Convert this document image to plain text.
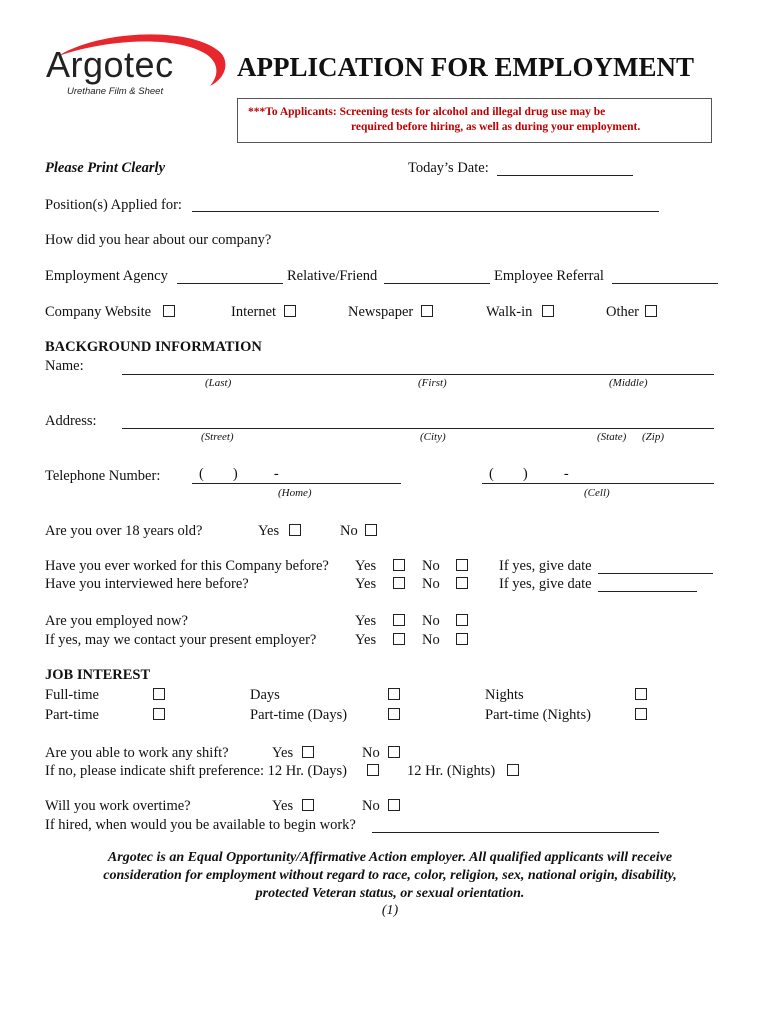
Argotec
Urethane Film & Sheet
APPLICATION FOR EMPLOYMENT
***To Applicants: Screening tests for alcohol and illegal drug use may be
required before hiring, as well as during your employment.
Please Print Clearly	Today’s Date:
Position(s) Applied for:
How did you hear about our company?
Employment Agency	Relative/Friend	Employee Referral
Company Website	Internet	Newspaper	Walk-in	Other
BACKGROUND INFORMATION
Name:
(Last)	(First)	(Middle)
Address:
(Street)	(City)	(State) (Zip)
Telephone Number:	(        )          -
(Home)
(        )          -
(Cell)
Are you over 18 years old?	Yes	No
Have you ever worked for this Company before? Yes	No	If yes, give date
Have you interviewed here before?	Yes	No	If yes, give date
Are you employed now?	Yes	No
If yes, may we contact your present employer?	Yes	No
JOB INTEREST
Full-time	Days	Nights
Part-time	Part-time (Days)	Part-time (Nights)
Are you able to work any shift?	Yes	No
If no, please indicate shift preference: 12 Hr. (Days)	12 Hr. (Nights)
Will you work overtime?	Yes	No
If hired, when would you be available to begin work?
Argotec is an Equal Opportunity/Affirmative Action employer. All qualified applicants will receive
consideration for employment without regard to race, color, religion, sex, national origin, disability,
protected Veteran status, or sexual orientation.
(1)
